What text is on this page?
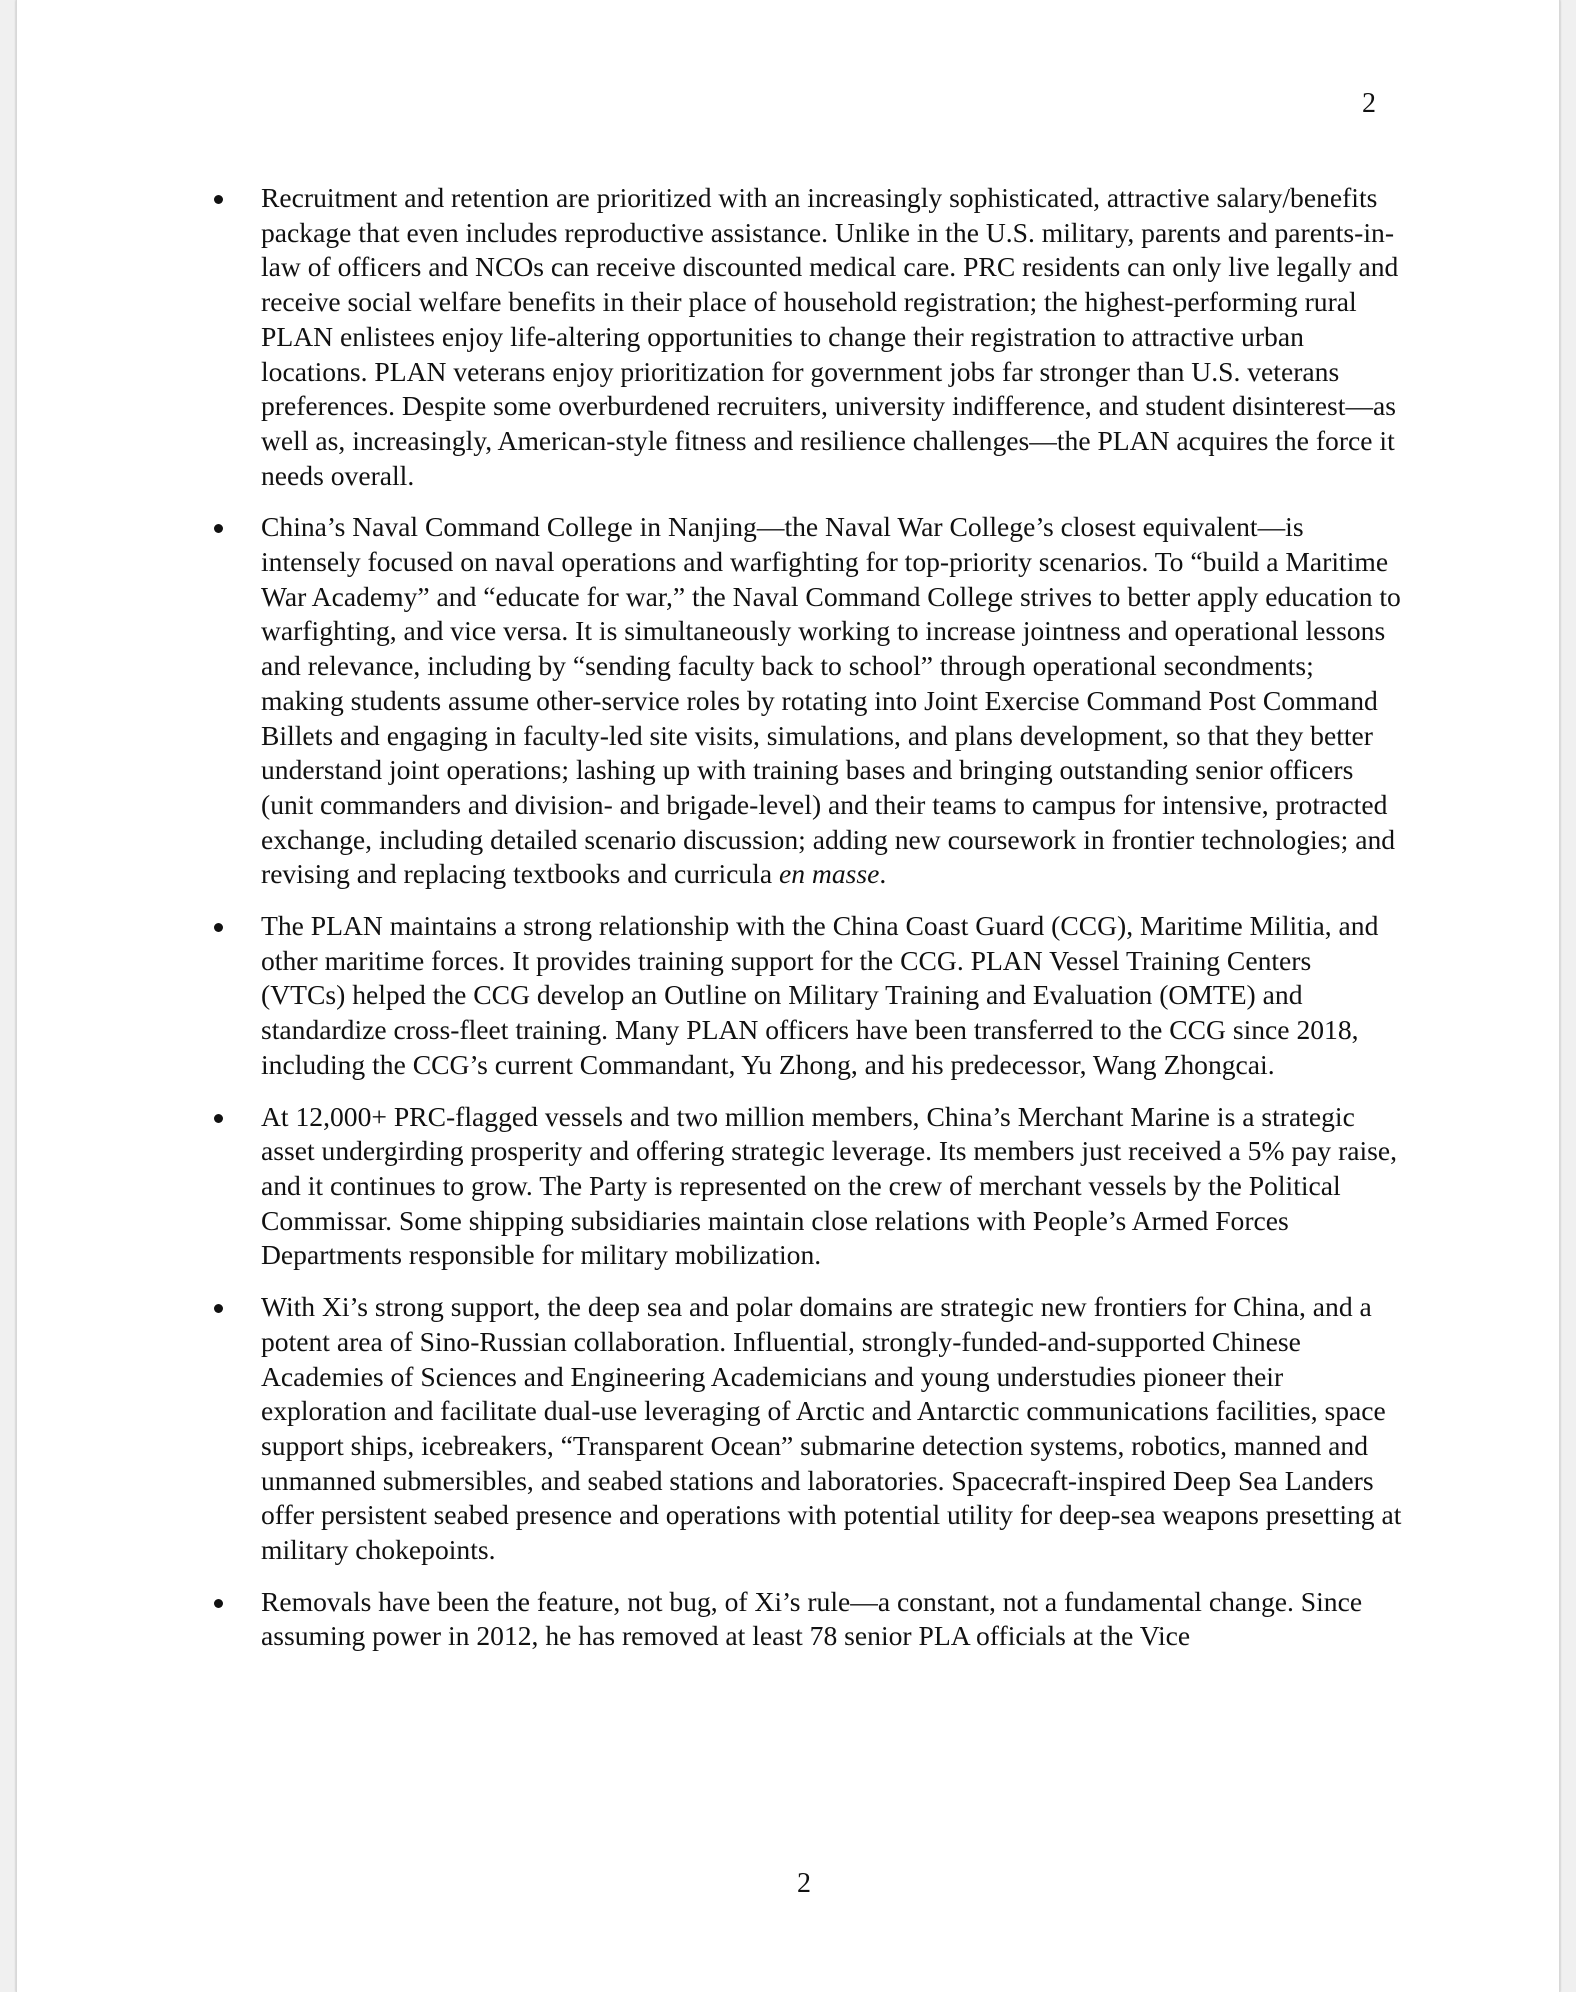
2
Recruitment and retention are prioritized with an increasingly sophisticated, attractive salary/benefits package that even includes reproductive assistance. Unlike in the U.S. military, parents and parents-in-law of officers and NCOs can receive discounted medical care. PRC residents can only live legally and receive social welfare benefits in their place of household registration; the highest-performing rural PLAN enlistees enjoy life-altering opportunities to change their registration to attractive urban locations. PLAN veterans enjoy prioritization for government jobs far stronger than U.S. veterans preferences. Despite some overburdened recruiters, university indifference, and student disinterest—as well as, increasingly, American-style fitness and resilience challenges—the PLAN acquires the force it needs overall.
China’s Naval Command College in Nanjing—the Naval War College’s closest equivalent—is intensely focused on naval operations and warfighting for top-priority scenarios. To “build a Maritime War Academy” and “educate for war,” the Naval Command College strives to better apply education to warfighting, and vice versa. It is simultaneously working to increase jointness and operational lessons and relevance, including by “sending faculty back to school” through operational secondments; making students assume other-service roles by rotating into Joint Exercise Command Post Command Billets and engaging in faculty-led site visits, simulations, and plans development, so that they better understand joint operations; lashing up with training bases and bringing outstanding senior officers (unit commanders and division- and brigade-level) and their teams to campus for intensive, protracted exchange, including detailed scenario discussion; adding new coursework in frontier technologies; and revising and replacing textbooks and curricula en masse.
The PLAN maintains a strong relationship with the China Coast Guard (CCG), Maritime Militia, and other maritime forces. It provides training support for the CCG. PLAN Vessel Training Centers (VTCs) helped the CCG develop an Outline on Military Training and Evaluation (OMTE) and standardize cross-fleet training. Many PLAN officers have been transferred to the CCG since 2018, including the CCG’s current Commandant, Yu Zhong, and his predecessor, Wang Zhongcai.
At 12,000+ PRC-flagged vessels and two million members, China’s Merchant Marine is a strategic asset undergirding prosperity and offering strategic leverage. Its members just received a 5% pay raise, and it continues to grow. The Party is represented on the crew of merchant vessels by the Political Commissar. Some shipping subsidiaries maintain close relations with People’s Armed Forces Departments responsible for military mobilization.
With Xi’s strong support, the deep sea and polar domains are strategic new frontiers for China, and a potent area of Sino-Russian collaboration. Influential, strongly-funded-and-supported Chinese Academies of Sciences and Engineering Academicians and young understudies pioneer their exploration and facilitate dual-use leveraging of Arctic and Antarctic communications facilities, space support ships, icebreakers, “Transparent Ocean” submarine detection systems, robotics, manned and unmanned submersibles, and seabed stations and laboratories. Spacecraft-inspired Deep Sea Landers offer persistent seabed presence and operations with potential utility for deep-sea weapons presetting at military chokepoints.
Removals have been the feature, not bug, of Xi’s rule—a constant, not a fundamental change. Since assuming power in 2012, he has removed at least 78 senior PLA officials at the Vice
2
